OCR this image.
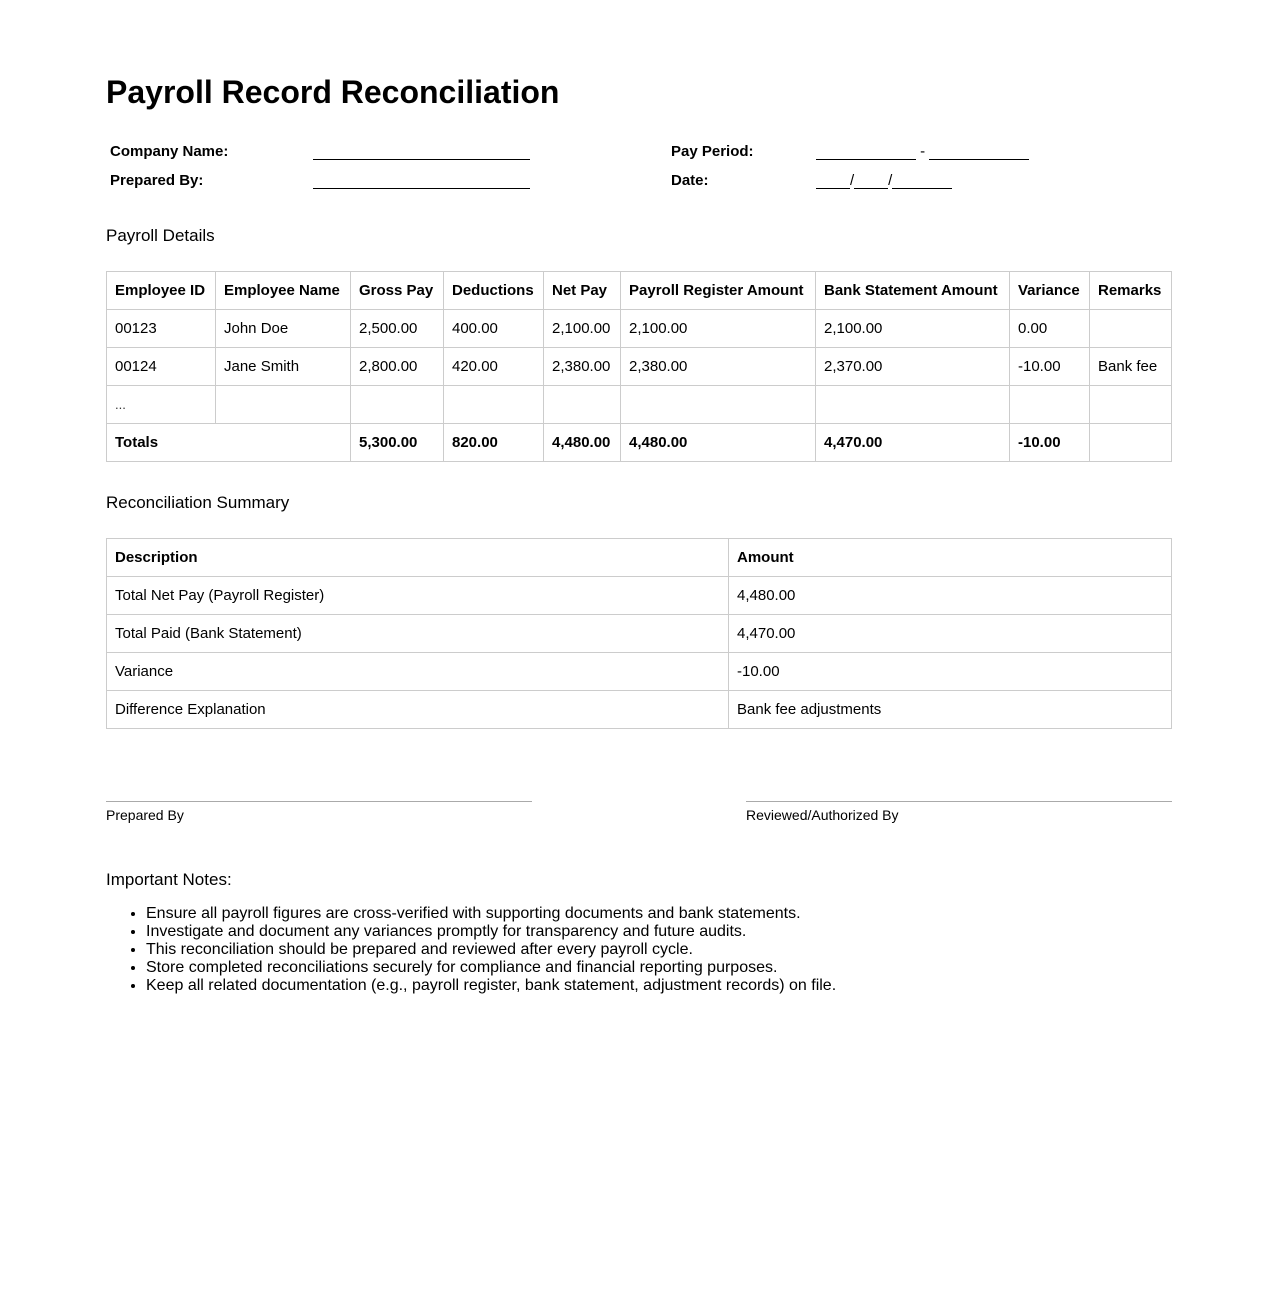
Payroll Record Reconciliation
Company Name:		Pay Period:	-
Prepared By:		Date:	/ /
Payroll Details
Employee ID	Employee Name	Gross Pay	Deductions	Net Pay	Payroll Register Amount	Bank Statement Amount	Variance	Remarks
00123	John Doe	2,500.00	400.00	2,100.00	2,100.00	2,100.00	0.00	
00124	Jane Smith	2,800.00	420.00	2,380.00	2,380.00	2,370.00	-10.00	Bank fee
...								
Totals		5,300.00	820.00	4,480.00	4,480.00	4,470.00	-10.00	
Reconciliation Summary
Description	Amount
Total Net Pay (Payroll Register)	4,480.00
Total Paid (Bank Statement)	4,470.00
Variance	-10.00
Difference Explanation	Bank fee adjustments
Prepared By	Reviewed/Authorized By
Important Notes:
• Ensure all payroll figures are cross-verified with supporting documents and bank statements.
• Investigate and document any variances promptly for transparency and future audits.
• This reconciliation should be prepared and reviewed after every payroll cycle.
• Store completed reconciliations securely for compliance and financial reporting purposes.
• Keep all related documentation (e.g., payroll register, bank statement, adjustment records) on file.
